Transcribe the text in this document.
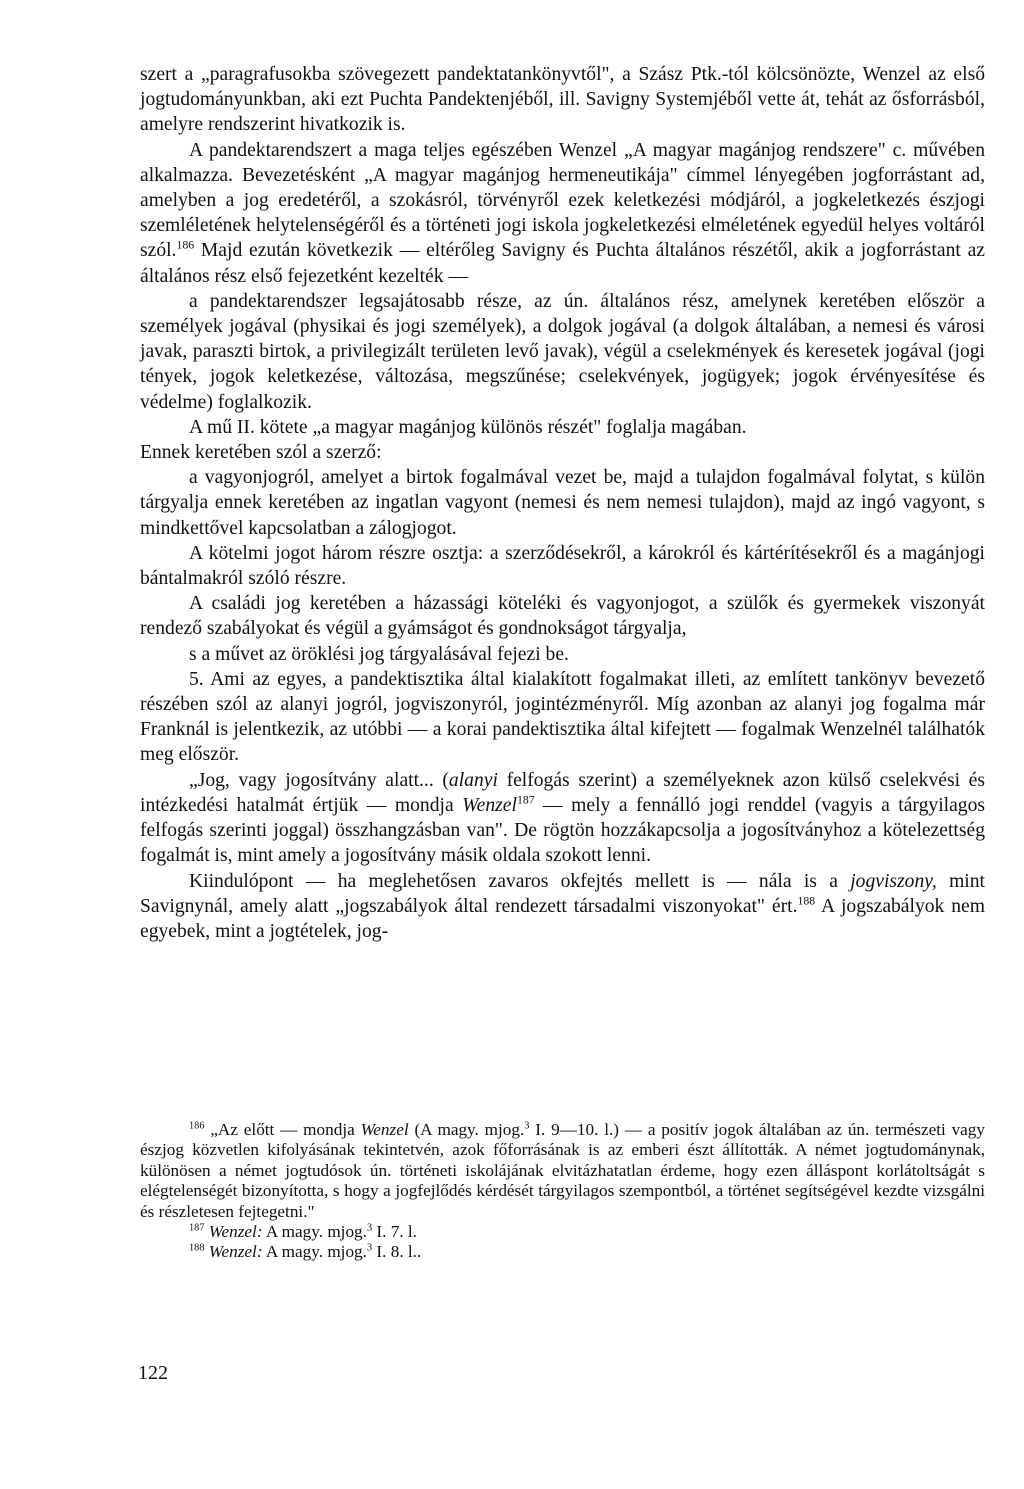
szert a „paragrafusokba szövegezett pandektatankönyvtől", a Szász Ptk.-tól kölcsönözte, Wenzel az első jogtudományunkban, aki ezt Puchta Pandektenjéből, ill. Savigny Systemjéből vette át, tehát az ősforrásból, amelyre rendszerint hivatkozik is.

A pandektarendszert a maga teljes egészében Wenzel „A magyar magánjog rendszere" c. művében alkalmazza. Bevezetésként „A magyar magánjog hermeneutikája" címmel lényegében jogforrástant ad, amelyben a jog eredetéről, a szokásról, törvényről ezek keletkezési módjáról, a jogkeletkezés észjogi szemléletének helytelenségéről és a történeti jogi iskola jogkeletkezési elméletének egyedül helyes voltáról szól.$^{186}$ Majd ezután következik — eltérőleg Savigny és Puchta általános részétől, akik a jogforrástant az általános rész első fejezetként kezelték —

a pandektarendszer legsajátosabb része, az ún. általános rész, amelynek keretében először a személyek jogával (physikai és jogi személyek), a dolgok jogával (a dolgok általában, a nemesi és városi javak, paraszti birtok, a privilegizált területen levő javak), végül a cselekmények és keresetek jogával (jogi tények, jogok keletkezése, változása, megszűnése; cselekvények, jogügyek; jogok érvényesítése és védelme) foglalkozik.

A mű II. kötete „a magyar magánjog különös részét" foglalja magában.

Ennek keretében szól a szerző:

a vagyonjogról, amelyet a birtok fogalmával vezet be, majd a tulajdon fogalmával folytat, s külön tárgyalja ennek keretében az ingatlan vagyont (nemesi és nem nemesi tulajdon), majd az ingó vagyont, s mindkettővel kapcsolatban a zálogjogot.

A kötelmi jogot három részre osztja: a szerződésekről, a károkról és kártérítésekről és a magánjogi bántalmakról szóló részre.

A családi jog keretében a házassági köteléki és vagyonjogot, a szülők és gyermekek viszonyát rendező szabályokat és végül a gyámságot és gondnokságot tárgyalja,

s a művet az öröklési jog tárgyalásával fejezi be.

5. Ami az egyes, a pandektisztika által kialakított fogalmakat illeti, az említett tankönyv bevezető részében szól az alanyi jogról, jogviszonyról, jogintézményről. Míg azonban az alanyi jog fogalma már Franknál is jelentkezik, az utóbbi — a korai pandektisztika által kifejtett — fogalmak Wenzelnél találhatók meg először.

„Jog, vagy jogosítvány alatt... (alanyi felfogás szerint) a személyeknek azon külső cselekvési és intézkedési hatalmát értjük — mondja Wenzel$^{187}$ — mely a fennálló jogi renddel (vagyis a tárgyilagos felfogás szerinti joggal) összhangzásban van". De rögtön hozzákapcsolja a jogosítványhoz a kötelezettség fogalmát is, mint amely a jogosítvány másik oldala szokott lenni.

Kiindulópont — ha meglehetősen zavaros okfejtés mellett is — nála is a jogviszony, mint Savignynál, amely alatt „jogszabályok által rendezett társadalmi viszonyokat" ért.$^{188}$ A jogszabályok nem egyebek, mint a jogtételek, jog-

$^{186}$ „Az előtt — mondja Wenzel (A magy. mjog.$^3$ I. 9—10. l.) — a positív jogok általában az ún. természeti vagy észjog közvetlen kifolyásának tekintetvén, azok főforrásának is az emberi észt állították. A német jogtudománynak, különösen a német jogtudósok ún. történeti iskolájának elvitázhatatlan érdeme, hogy ezen álláspont korlátoltságát s elégtelenségét bizonyította, s hogy a jogfejlődés kérdését tárgyilagos szempontból, a történet segítségével kezdte vizsgálni és részletesen fejtegetni."

$^{187}$ Wenzel: A magy. mjog.$^3$ I. 7. l.

$^{188}$ Wenzel: A magy. mjog.$^3$ I. 8. l..

122
